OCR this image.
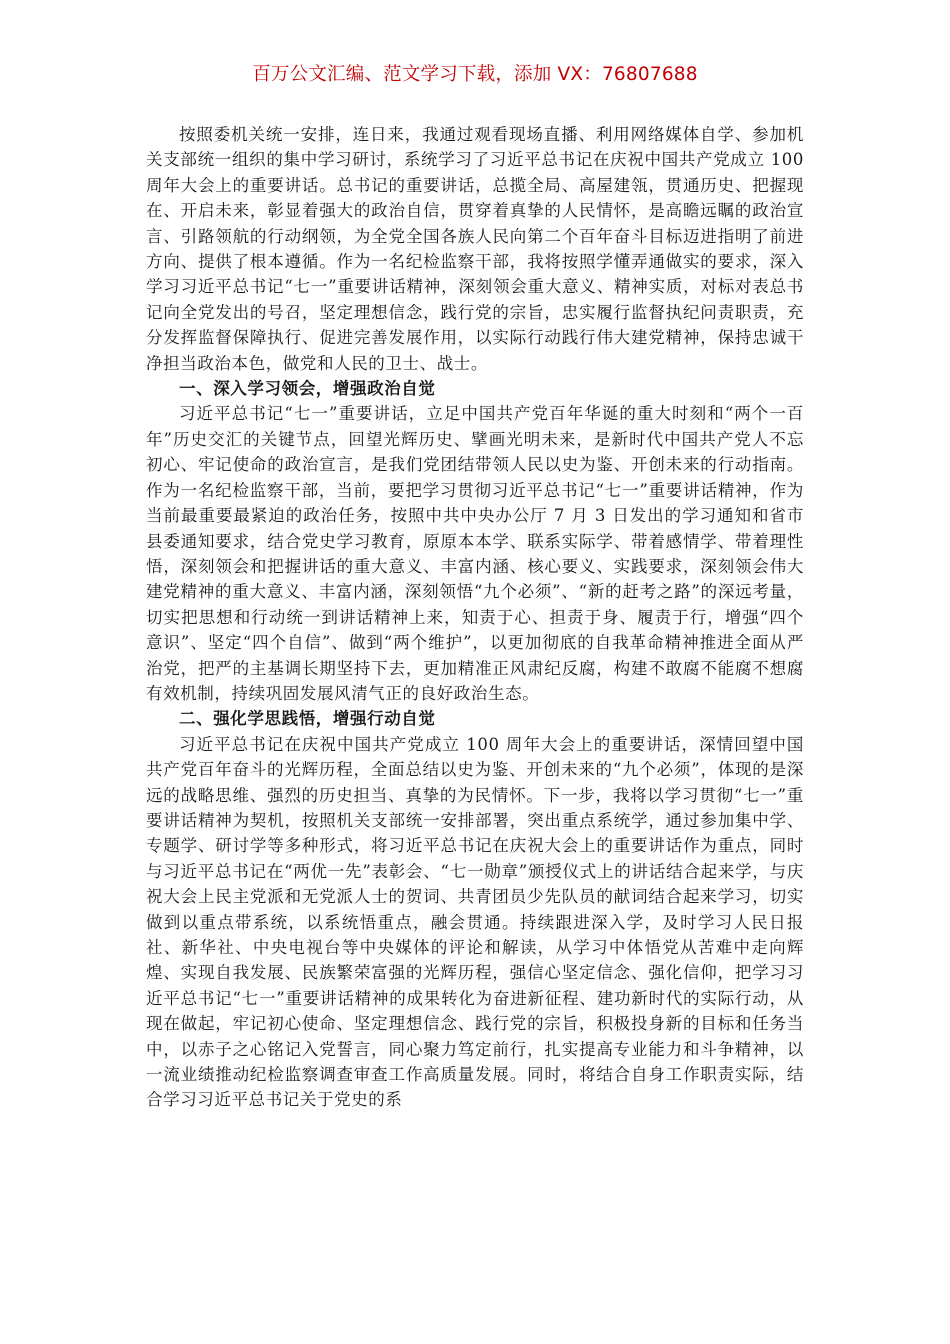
百万公文汇编、范文学习下载，添加 VX：76807688

按照委机关统一安排，连日来，我通过观看现场直播、利用网络媒体自学、参加机关支部统一组织的集中学习研讨，系统学习了习近平总书记在庆祝中国共产党成立 100 周年大会上的重要讲话。总书记的重要讲话，总揽全局、高屋建瓴，贯通历史、把握现在、开启未来，彰显着强大的政治自信，贯穿着真挚的人民情怀，是高瞻远瞩的政治宣言、引路领航的行动纲领，为全党全国各族人民向第二个百年奋斗目标迈进指明了前进方向、提供了根本遵循。作为一名纪检监察干部，我将按照学懂弄通做实的要求，深入学习习近平总书记“七一”重要讲话精神，深刻领会重大意义、精神实质，对标对表总书记向全党发出的号召，坚定理想信念，践行党的宗旨，忠实履行监督执纪问责职责，充分发挥监督保障执行、促进完善发展作用，以实际行动践行伟大建党精神，保持忠诚干净担当政治本色，做党和人民的卫士、战士。

一、深入学习领会，增强政治自觉

习近平总书记“七一”重要讲话，立足中国共产党百年华诞的重大时刻和“两个一百年”历史交汇的关键节点，回望光辉历史、擘画光明未来，是新时代中国共产党人不忘初心、牢记使命的政治宣言，是我们党团结带领人民以史为鉴、开创未来的行动指南。作为一名纪检监察干部，当前，要把学习贯彻习近平总书记“七一”重要讲话精神，作为当前最重要最紧迫的政治任务，按照中共中央办公厅 7 月 3 日发出的学习通知和省市县委通知要求，结合党史学习教育，原原本本学、联系实际学、带着感情学、带着理性悟，深刻领会和把握讲话的重大意义、丰富内涵、核心要义、实践要求，深刻领会伟大建党精神的重大意义、丰富内涵，深刻领悟“九个必须”、“新的赶考之路”的深远考量，切实把思想和行动统一到讲话精神上来，知责于心、担责于身、履责于行，增强“四个意识”、坚定“四个自信”、做到“两个维护”，以更加彻底的自我革命精神推进全面从严治党，把严的主基调长期坚持下去，更加精准正风肃纪反腐，构建不敢腐不能腐不想腐有效机制，持续巩固发展风清气正的良好政治生态。

二、强化学思践悟，增强行动自觉

习近平总书记在庆祝中国共产党成立 100 周年大会上的重要讲话，深情回望中国共产党百年奋斗的光辉历程，全面总结以史为鉴、开创未来的“九个必须”，体现的是深远的战略思维、强烈的历史担当、真挚的为民情怀。下一步，我将以学习贯彻“七一”重要讲话精神为契机，按照机关支部统一安排部署，突出重点系统学，通过参加集中学、专题学、研讨学等多种形式，将习近平总书记在庆祝大会上的重要讲话作为重点，同时与习近平总书记在“两优一先”表彰会、“七一勋章”颁授仪式上的讲话结合起来学，与庆祝大会上民主党派和无党派人士的贺词、共青团员少先队员的献词结合起来学习，切实做到以重点带系统，以系统悟重点，融会贯通。持续跟进深入学，及时学习人民日报社、新华社、中央电视台等中央媒体的评论和解读，从学习中体悟党从苦难中走向辉煌、实现自我发展、民族繁荣富强的光辉历程，强信心坚定信念、强化信仰，把学习习近平总书记“七一”重要讲话精神的成果转化为奋进新征程、建功新时代的实际行动，从现在做起，牢记初心使命、坚定理想信念、践行党的宗旨，积极投身新的目标和任务当中，以赤子之心铭记入党誓言，同心聚力笃定前行，扎实提高专业能力和斗争精神，以一流业绩推动纪检监察调查审查工作高质量发展。同时，将结合自身工作职责实际，结合学习习近平总书记关于党史的系
